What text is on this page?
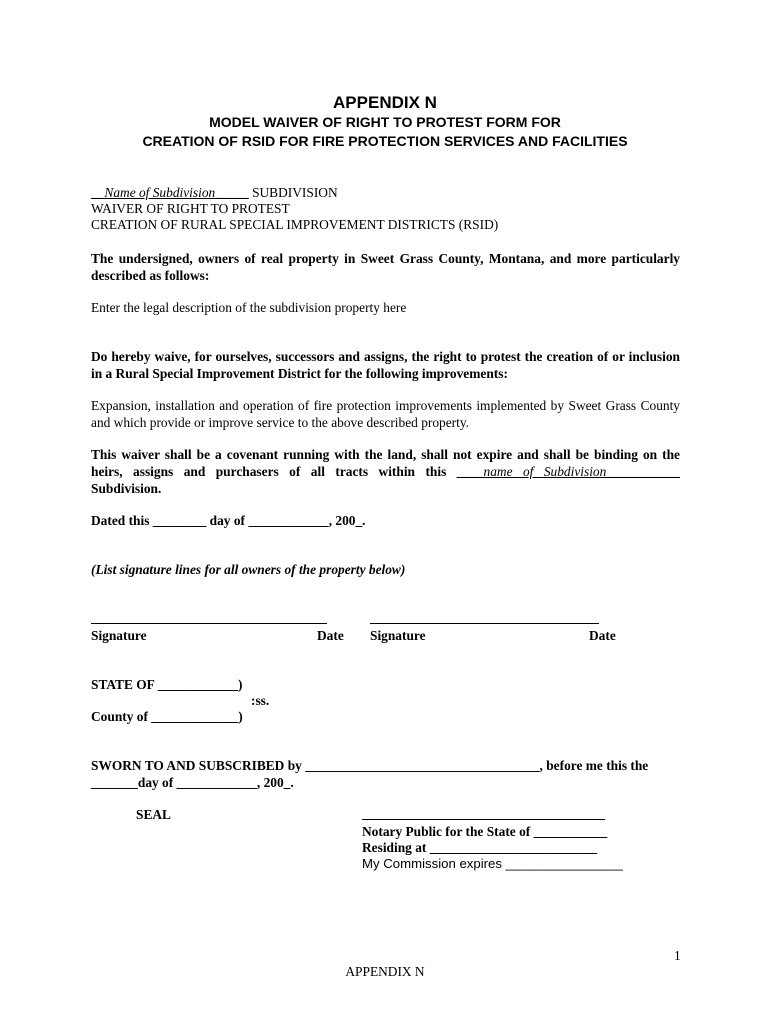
APPENDIX N
MODEL WAIVER OF RIGHT TO PROTEST FORM FOR
CREATION OF RSID FOR FIRE PROTECTION SERVICES AND FACILITIES
__Name of Subdivision_____ SUBDIVISION
WAIVER OF RIGHT TO PROTEST
CREATION OF RURAL SPECIAL IMPROVEMENT DISTRICTS (RSID)
The undersigned, owners of real property in Sweet Grass County, Montana, and more particularly described as follows:
Enter the legal description of the subdivision property here
Do hereby waive, for ourselves, successors and assigns, the right to protest the creation of or inclusion in a Rural Special Improvement District for the following improvements:
Expansion, installation and operation of fire protection improvements implemented by Sweet Grass County and which provide or improve service to the above described property.
This waiver shall be a covenant running with the land, shall not expire and shall be binding on the
heirs, assigns and purchasers of all tracts within this ____name of Subdivision___________
Subdivision.
Dated this ________ day of ____________, 200_.
(List signature lines for all owners of the property below)
Signature	Date Signature	Date
STATE OF ____________)
:ss.
County of _____________)
SWORN TO AND SUBSCRIBED by ___________________________________, before me this the
_______day of ____________, 200_.
SEAL
Notary Public for the State of ___________
Residing at _________________________
My Commission expires ________________
1
APPENDIX N
